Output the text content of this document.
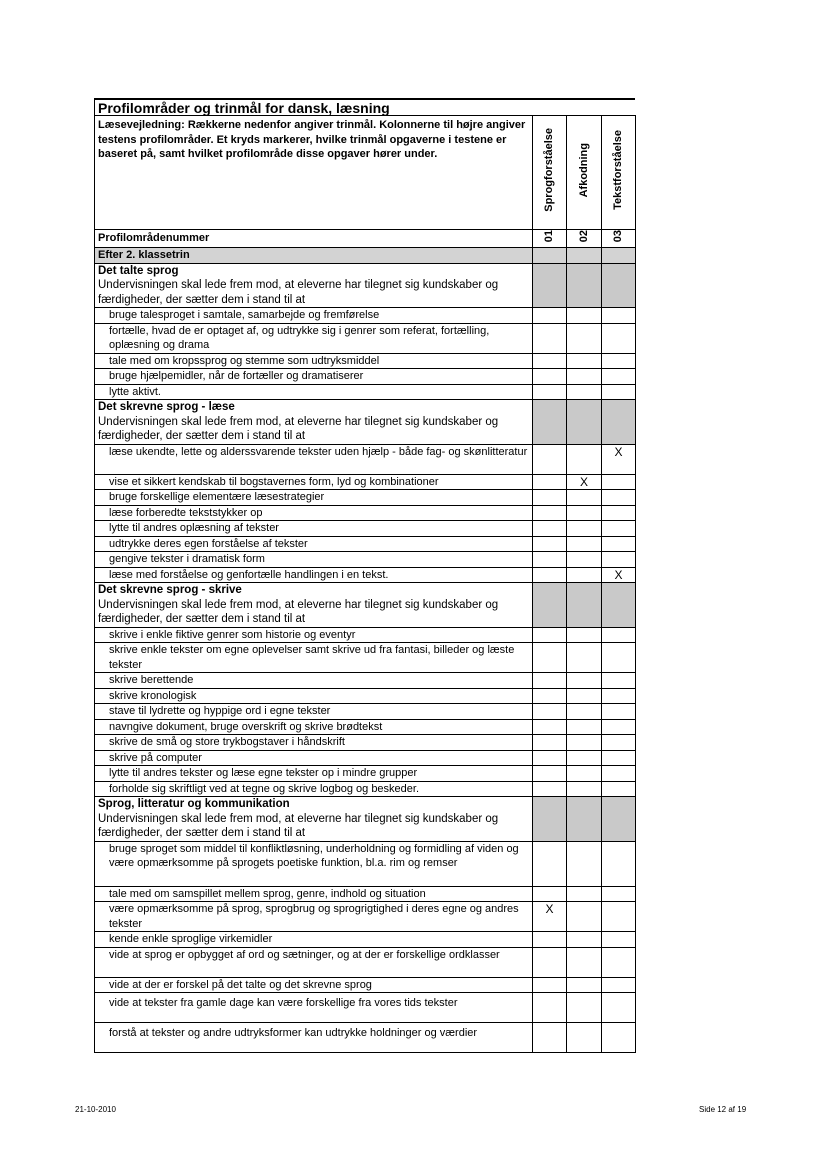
Profilområder og trinmål for dansk, læsning
Læsevejledning: Rækkerne nedenfor angiver trinmål. Kolonnerne til højre angiver testens profilområder. Et kryds markerer, hvilke trinmål opgaverne i testene er baseret på, samt hvilket profilområde disse opgaver hører under.	Sprogforståelse	Afkodning	Tekstforståelse
Profilområdenummer	01	02	03
Efter 2. klassetrin			

Det talte sprog
Undervisningen skal lede frem mod, at eleverne har tilegnet sig kundskaber og færdigheder, der sætter dem i stand til at			

bruge talesproget i samtale, samarbejde og fremførelse			
fortælle, hvad de er optaget af, og udtrykke sig i genrer som referat, fortælling, oplæsning og drama			
tale med om kropssprog og stemme som udtryksmiddel			
bruge hjælpemidler, når de fortæller og dramatiserer			
lytte aktivt.			

Det skrevne sprog - læse
Undervisningen skal lede frem mod, at eleverne har tilegnet sig kundskaber og færdigheder, der sætter dem i stand til at			

læse ukendte, lette og alderssvarende tekster uden hjælp - både fag- og skønlitteratur			X
vise et sikkert kendskab til bogstavernes form, lyd og kombinationer		X	
bruge forskellige elementære læsestrategier			
læse forberedte tekststykker op			
lytte til andres oplæsning af tekster			
udtrykke deres egen forståelse af tekster			
gengive tekster i dramatisk form			
læse med forståelse og genfortælle handlingen i en tekst.			X

Det skrevne sprog - skrive
Undervisningen skal lede frem mod, at eleverne har tilegnet sig kundskaber og færdigheder, der sætter dem i stand til at			

skrive i enkle fiktive genrer som historie og eventyr			
skrive enkle tekster om egne oplevelser samt skrive ud fra fantasi, billeder og læste tekster			
skrive berettende			
skrive kronologisk			
stave til lydrette og hyppige ord i egne tekster			
navngive dokument, bruge overskrift og skrive brødtekst			
skrive de små og store trykbogstaver i håndskrift			
skrive på computer			
lytte til andres tekster og læse egne tekster op i mindre grupper			
forholde sig skriftligt ved at tegne og skrive logbog og beskeder.			

Sprog, litteratur og kommunikation
Undervisningen skal lede frem mod, at eleverne har tilegnet sig kundskaber og færdigheder, der sætter dem i stand til at			

bruge sproget som middel til konfliktløsning, underholdning og formidling af viden og være opmærksomme på sprogets poetiske funktion, bl.a. rim og remser			
tale med om samspillet mellem sprog, genre, indhold og situation			
være opmærksomme på sprog, sprogbrug og sprogrigtighed i deres egne og andres tekster	X		
kende enkle sproglige virkemidler			
vide at sprog er opbygget af ord og sætninger, og at der er forskellige ordklasser			
vide at der er forskel på det talte og det skrevne sprog			
vide at tekster fra gamle dage kan være forskellige fra vores tids tekster			
forstå at tekster og andre udtryksformer kan udtrykke holdninger og værdier			
21-10-2010	Side 12 af 19
